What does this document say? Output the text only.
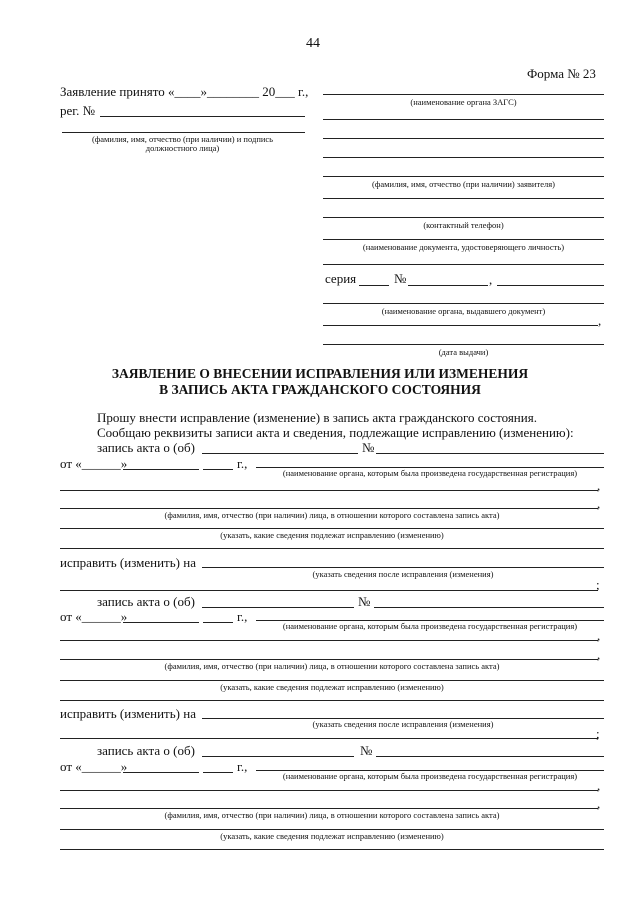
44
Форма № 23
Заявление принято «____»________ 20___ г.,
рег. №
(фамилия, имя, отчество (при наличии) и подпись
должностного лица)
(наименование органа ЗАГС)
(фамилия, имя, отчество (при наличии) заявителя)
(контактный телефон)
(наименование документа, удостоверяющего личность)
серия	№	,
(наименование органа, выдавшего документ)
,
(дата выдачи)
ЗАЯВЛЕНИЕ О ВНЕСЕНИИ ИСПРАВЛЕНИЯ ИЛИ ИЗМЕНЕНИЯ
В ЗАПИСЬ АКТА ГРАЖДАНСКОГО СОСТОЯНИЯ
Прошу внести исправление (изменение) в запись акта гражданского состояния.
Сообщаю реквизиты записи акта и сведения, подлежащие исправлению (изменению):
запись акта о (об)	№
от «______»	г.,
(наименование органа, которым была произведена государственная регистрация)
,
,
(фамилия, имя, отчество (при наличии) лица, в отношении которого составлена запись акта)
(указать, какие сведения подлежат исправлению (изменению)
исправить (изменить) на
(указать сведения после исправления (изменения)
;
запись акта о (об)	№
от «______»	г.,
(наименование органа, которым была произведена государственная регистрация)
,
,
(фамилия, имя, отчество (при наличии) лица, в отношении которого составлена запись акта)
(указать, какие сведения подлежат исправлению (изменению)
исправить (изменить) на
(указать сведения после исправления (изменения)
;
запись акта о (об)	№
от «______»	г.,
(наименование органа, которым была произведена государственная регистрация)
,
,
(фамилия, имя, отчество (при наличии) лица, в отношении которого составлена запись акта)
(указать, какие сведения подлежат исправлению (изменению)
